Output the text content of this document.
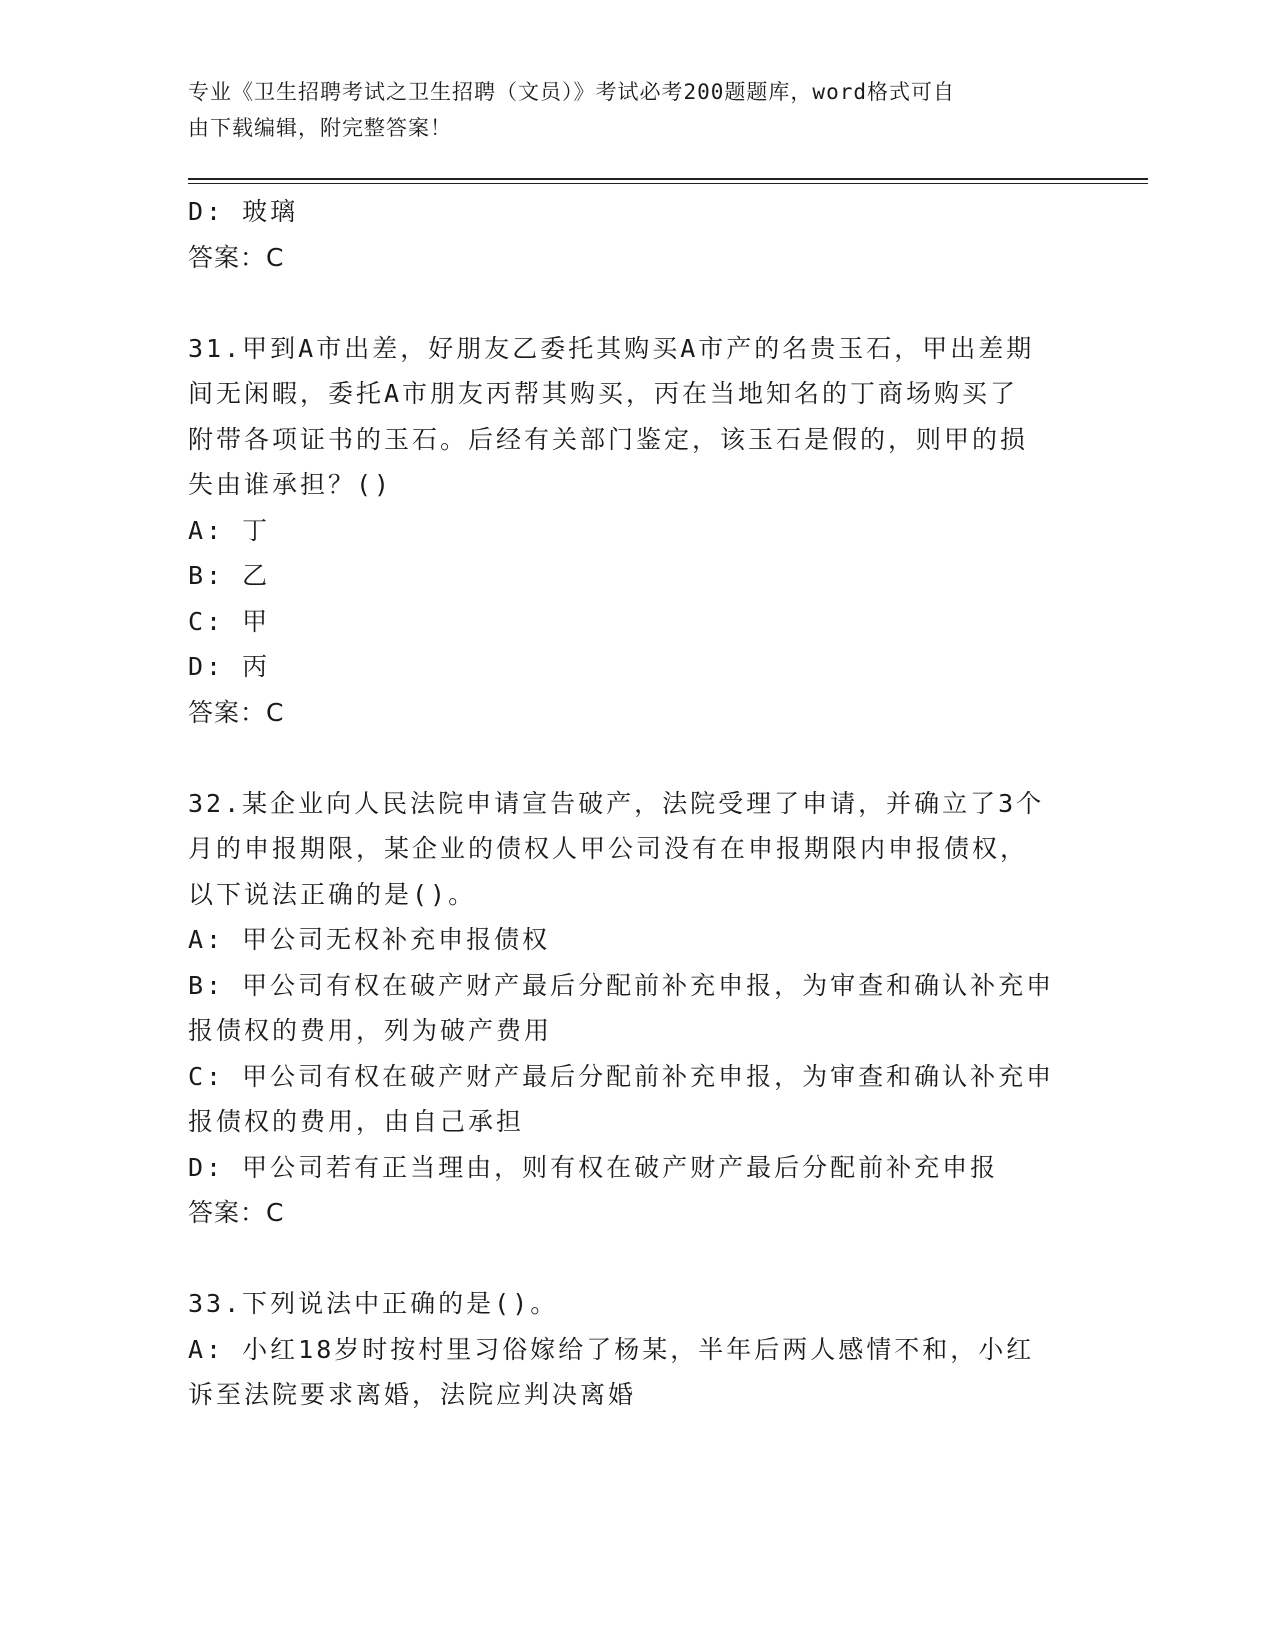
专业《卫生招聘考试之卫生招聘（文员）》考试必考200题题库，word格式可自
由下载编辑，附完整答案！
D: 玻璃
答案：C
31.甲到A市出差，好朋友乙委托其购买A市产的名贵玉石，甲出差期
间无闲暇，委托A市朋友丙帮其购买，丙在当地知名的丁商场购买了
附带各项证书的玉石。后经有关部门鉴定，该玉石是假的，则甲的损
失由谁承担？()
A: 丁
B: 乙
C: 甲
D: 丙
答案：C
32.某企业向人民法院申请宣告破产，法院受理了申请，并确立了3个
月的申报期限，某企业的债权人甲公司没有在申报期限内申报债权，
以下说法正确的是()。
A: 甲公司无权补充申报债权
B: 甲公司有权在破产财产最后分配前补充申报，为审查和确认补充申
报债权的费用，列为破产费用
C: 甲公司有权在破产财产最后分配前补充申报，为审查和确认补充申
报债权的费用，由自己承担
D: 甲公司若有正当理由，则有权在破产财产最后分配前补充申报
答案：C
33.下列说法中正确的是()。
A: 小红18岁时按村里习俗嫁给了杨某，半年后两人感情不和，小红
诉至法院要求离婚，法院应判决离婚
